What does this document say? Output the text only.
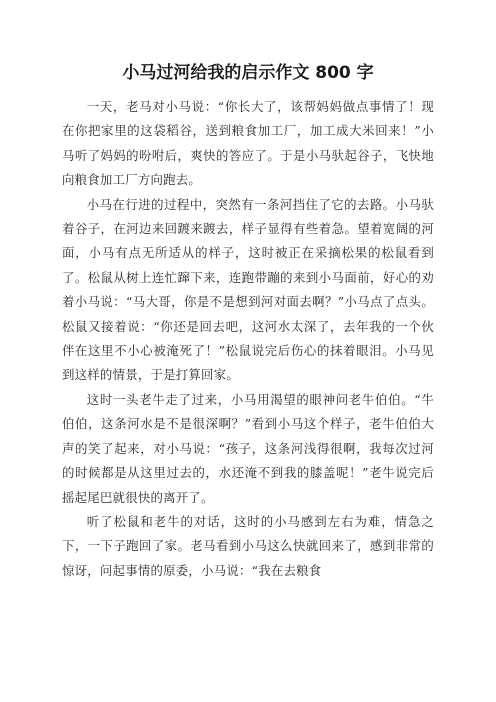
小马过河给我的启示作文 800 字

一天，老马对小马说：“你长大了，该帮妈妈做点事情了！现在你把家里的这袋稻谷，送到粮食加工厂，加工成大米回来！”小马听了妈妈的吩咐后，爽快的答应了。于是小马驮起谷子，飞快地向粮食加工厂方向跑去。

小马在行进的过程中，突然有一条河挡住了它的去路。小马驮着谷子，在河边来回踱来踱去，样子显得有些着急。望着宽阔的河面，小马有点无所适从的样子，这时被正在采摘松果的松鼠看到了。松鼠从树上连忙蹿下来，连跑带蹦的来到小马面前，好心的劝着小马说：“马大哥，你是不是想到河对面去啊？”小马点了点头。松鼠又接着说：“你还是回去吧，这河水太深了，去年我的一个伙伴在这里不小心被淹死了！”松鼠说完后伤心的抹着眼泪。小马见到这样的情景，于是打算回家。

这时一头老牛走了过来，小马用渴望的眼神问老牛伯伯。“牛伯伯，这条河水是不是很深啊？”看到小马这个样子，老牛伯伯大声的笑了起来，对小马说：“孩子，这条河浅得很啊，我每次过河的时候都是从这里过去的，水还淹不到我的膝盖呢！”老牛说完后摇起尾巴就很快的离开了。

听了松鼠和老牛的对话，这时的小马感到左右为难，情急之下，一下子跑回了家。老马看到小马这么快就回来了，感到非常的惊讶，问起事情的原委，小马说：“我在去粮食
